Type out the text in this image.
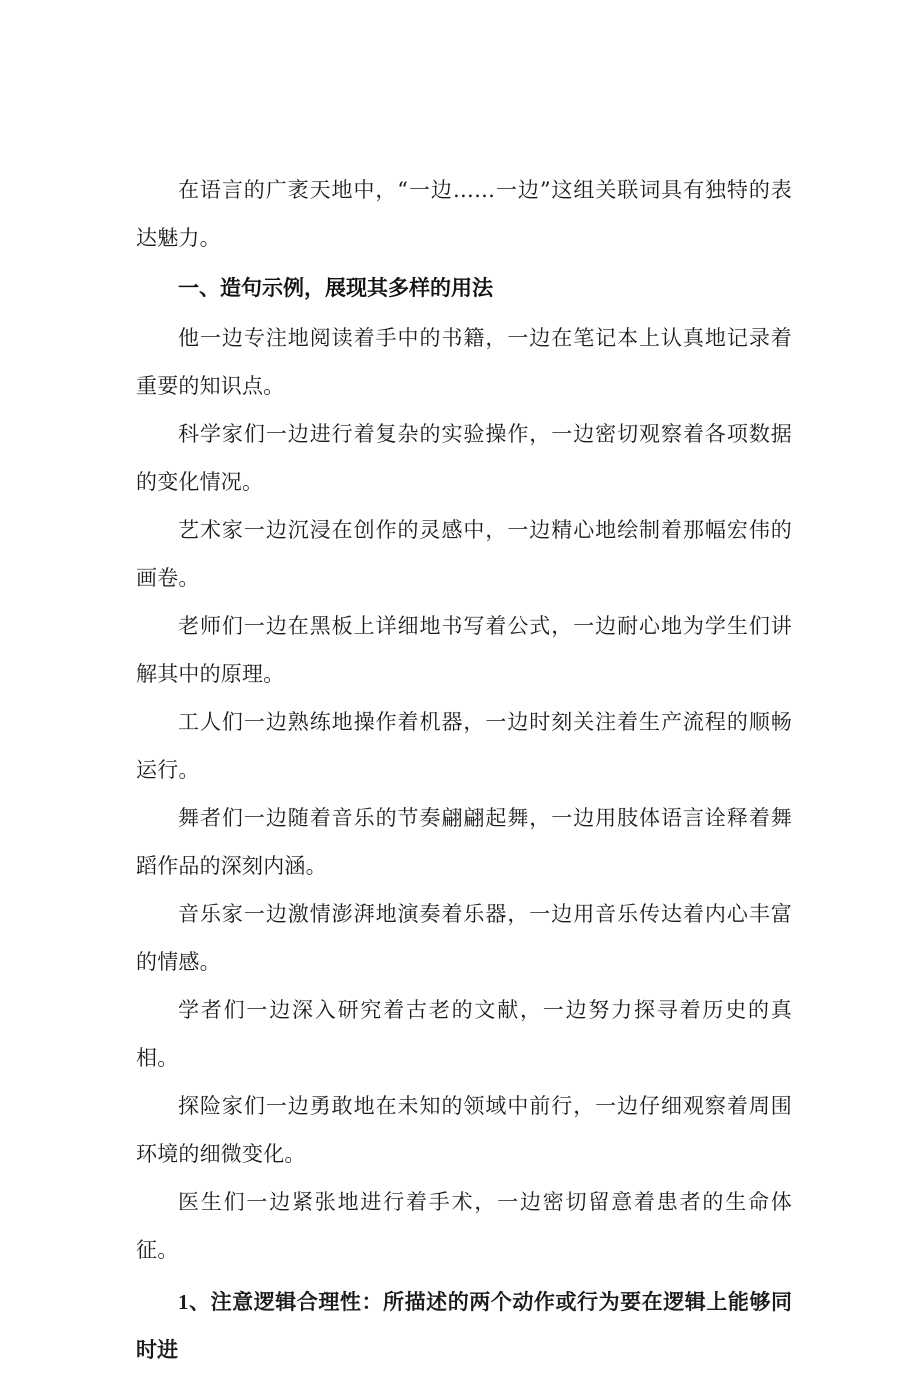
在语言的广袤天地中，“一边……一边”这组关联词具有独特的表达魅力。

一、造句示例，展现其多样的用法

他一边专注地阅读着手中的书籍，一边在笔记本上认真地记录着重要的知识点。

科学家们一边进行着复杂的实验操作，一边密切观察着各项数据的变化情况。

艺术家一边沉浸在创作的灵感中，一边精心地绘制着那幅宏伟的画卷。

老师们一边在黑板上详细地书写着公式，一边耐心地为学生们讲解其中的原理。

工人们一边熟练地操作着机器，一边时刻关注着生产流程的顺畅运行。

舞者们一边随着音乐的节奏翩翩起舞，一边用肢体语言诠释着舞蹈作品的深刻内涵。

音乐家一边激情澎湃地演奏着乐器，一边用音乐传达着内心丰富的情感。

学者们一边深入研究着古老的文献，一边努力探寻着历史的真相。

探险家们一边勇敢地在未知的领域中前行，一边仔细观察着周围环境的细微变化。

医生们一边紧张地进行着手术，一边密切留意着患者的生命体征。

1、注意逻辑合理性：所描述的两个动作或行为要在逻辑上能够同时进
